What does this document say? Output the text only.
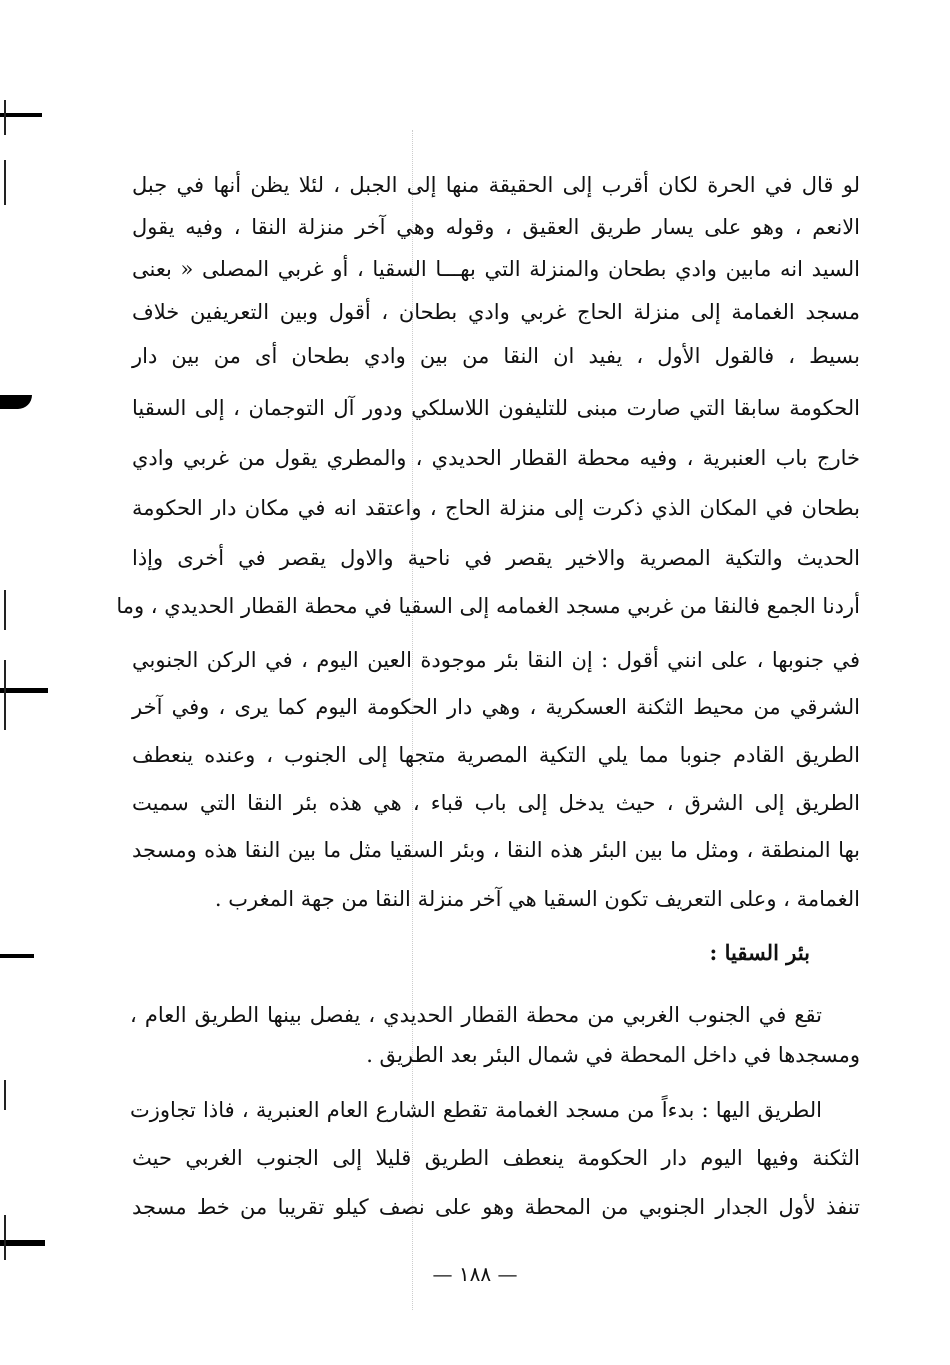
لو قال في الحرة لكان أقرب إلى الحقيقة منها إلى الجبل ، لئلا يظن أنها في جبل
الانعم ، وهو على يسار طريق العقيق ، وقوله وهي آخر منزلة النقا ، وفيه يقول
السيد انه مابين وادي بطحان والمنزلة التي بهـــا السقيا ، أو غربي المصلى « بعنى
مسجد الغمامة إلى منزلة الحاج غربي وادي بطحان ، أقول وبين التعريفين خلاف
بسيط ، فالقول الأول ، يفيد ان النقا من بين وادي بطحان أى من بين دار
الحكومة سابقا التي صارت مبنى للتليفون اللاسلكي ودور آل التوجمان ، إلى السقيا
خارج باب العنبرية ، وفيه محطة القطار الحديدي ، والمطري يقول من غربي وادي
بطحان في المكان الذي ذكرت إلى منزلة الحاج ، واعتقد انه في مكان دار الحكومة
الحديث والتكية المصرية والاخير يقصر في ناحية والاول يقصر في أخرى وإذا
أردنا الجمع فالنقا من غربي مسجد الغمامه إلى السقيا في محطة القطار الحديدي ، وما
في جنوبها ، على انني أقول : إن النقا بئر موجودة العين اليوم ، في الركن الجنوبي
الشرقي من محيط الثكنة العسكرية ، وهي دار الحكومة اليوم كما يرى ، وفي آخر
الطريق القادم جنوبا مما يلي التكية المصرية متجها إلى الجنوب ، وعنده ينعطف
الطريق إلى الشرق ، حيث يدخل إلى باب قباء ، هي هذه بئر النقا التي سميت
بها المنطقة ، ومثل ما بين البئر هذه النقا ، وبئر السقيا مثل ما بين النقا هذه ومسجد
الغمامة ، وعلى التعريف تكون السقيا هي آخر منزلة النقا من جهة المغرب .
بئر السقيا :
تقع في الجنوب الغربي من محطة القطار الحديدي ، يفصل بينها الطريق العام ،
ومسجدها في داخل المحطة في شمال البئر بعد الطريق .
الطريق اليها : بدءاً من مسجد الغمامة تقطع الشارع العام العنبرية ، فاذا تجاوزت
الثكنة وفيها اليوم دار الحكومة ينعطف الطريق قليلا إلى الجنوب الغربي حيث
تنفذ لأول الجدار الجنوبي من المحطة وهو على نصف كيلو تقريبا من خط مسجد
— ١٨٨ —
